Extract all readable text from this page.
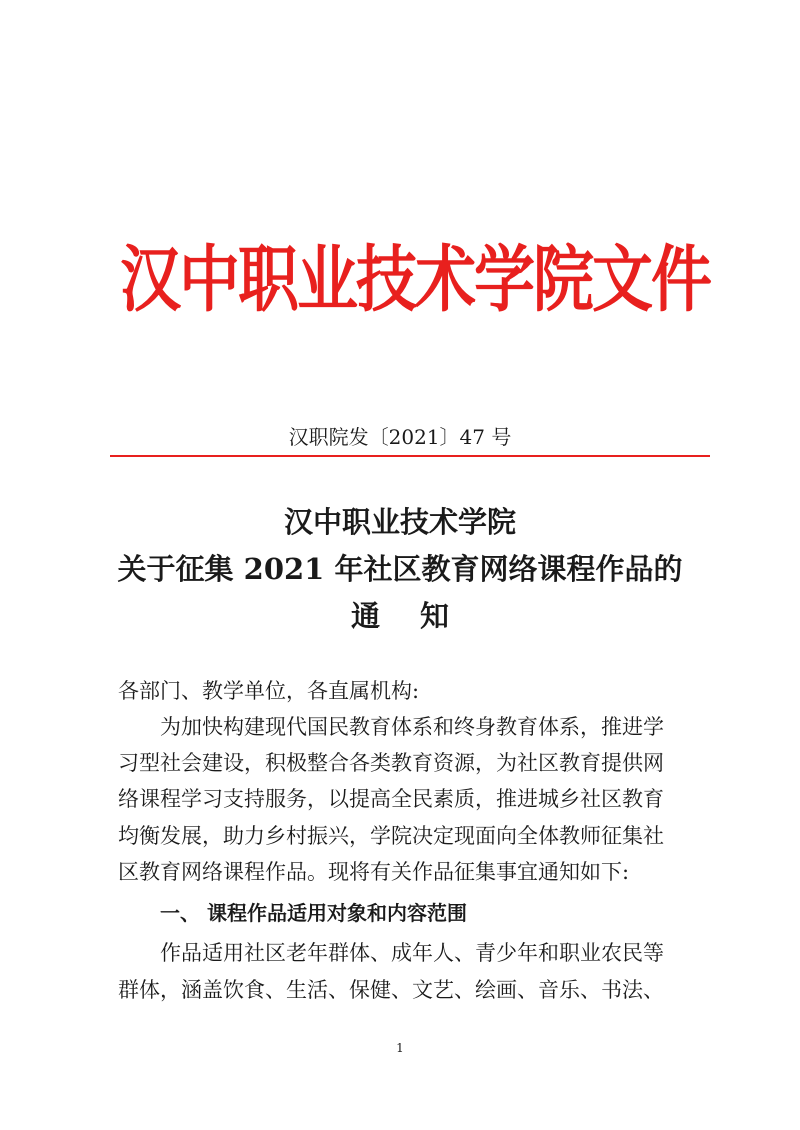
汉中职业技术学院文件
汉职院发〔2021〕47 号
汉中职业技术学院
关于征集 2021 年社区教育网络课程作品的
通 知
各部门、教学单位，各直属机构:
　　为加快构建现代国民教育体系和终身教育体系，推进学
习型社会建设，积极整合各类教育资源，为社区教育提供网
络课程学习支持服务，以提高全民素质，推进城乡社区教育
均衡发展，助力乡村振兴，学院决定现面向全体教师征集社
区教育网络课程作品。现将有关作品征集事宜通知如下:
一、 课程作品适用对象和内容范围
　　作品适用社区老年群体、成年人、青少年和职业农民等
群体，涵盖饮食、生活、保健、文艺、绘画、音乐、书法、
1
